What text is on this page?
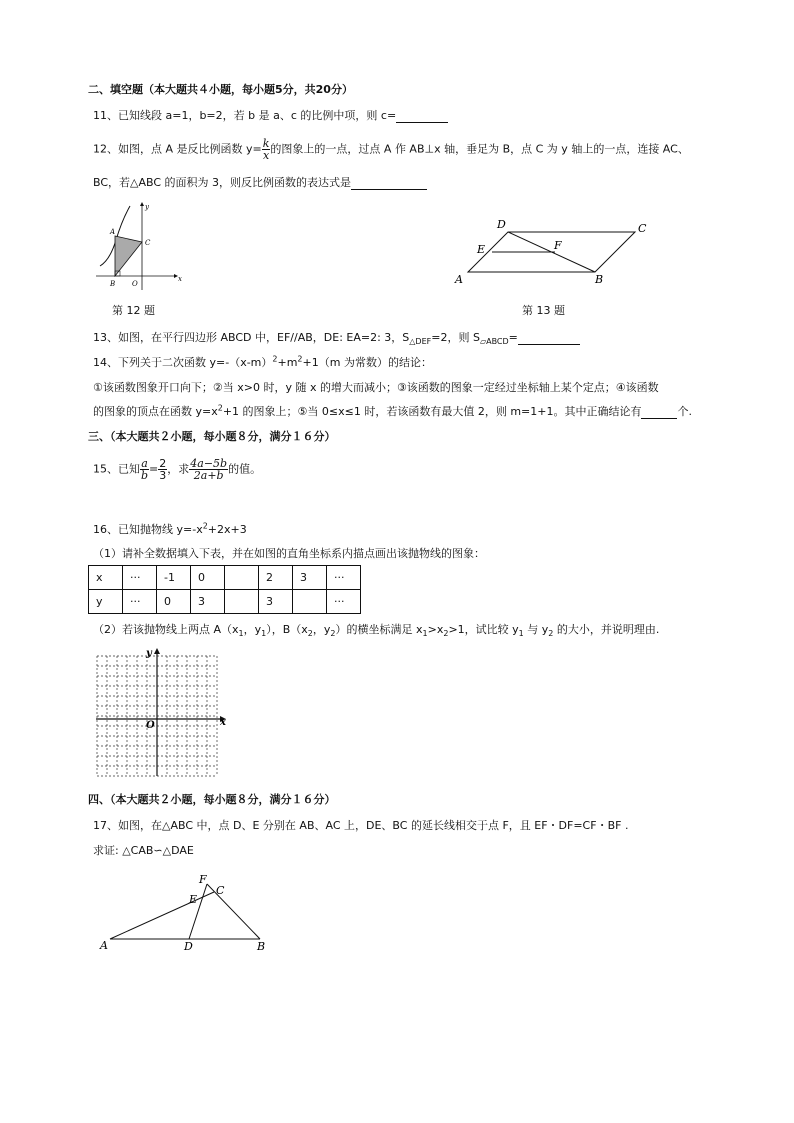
二、填空题（本大题共４小题，每小题5分，共20分）
11、已知线段 a=1，b=2，若 b 是 a、c 的比例中项，则 c=
12、如图，点 A 是反比例函数 $y= \frac{k}{x}$ 的图象上的一点，过点 A 作 AB⊥x 轴，垂足为 B，点 C 为 y 轴上的一点，连接 AC、
BC，若△ABC 的面积为 3，则反比例函数的表达式是
A
B
C
O
x
y
第 12 题
A	B
C
D
E	F
第 13 题
13、如图，在平行四边形 ABCD 中，EF//AB，DE: EA=2: 3，$S_{\triangle DEF}=2$，则 $S_{▱ABCD}=$
14、下列关于二次函数 $y=-(x-m)^2+m^2+1(m$ 为常数）的结论：
①该函数图象开口向下；②当 x>0 时，y 随 x 的增大而减小；③该函数的图象一定经过坐标轴上某个定点；④该函数
的图象的顶点在函数 $y=x^2+1$ 的图象上；⑤当 0≤x≤1 时，若该函数有最大值 2，则 m=1+1。其中正确结论有	个.
三、（本大题共２小题，每小题８分，满分１６分）
15、已知 $\frac{a}{b} = \frac{2}{3}$ ，求 $\frac{4a-5b}{2a+b}$ 的值。
16、已知抛物线 $y=-x^2+2x+3$
（1）请补全数据填入下表，并在如图的直角坐标系内描点画出该抛物线的图象：
x	···	-1	0		2	3	···
y	···	0	3		3		···
（2）若该抛物线上两点 $A(x_1$，$y_1$），$B(x_2$，$y_2$）的横坐标满足 $x_1>x_2>1$，试比较 $y_1$ 与 $y_2$ 的大小，并说明理由.
y
x
O
四、（本大题共２小题，每小题８分，满分１６分）
17、如图，在△ABC 中，点 D、E 分别在 AB、AC 上，DE、BC 的延长线相交于点 F，且 EF・DF=CF・BF .
求证: △CAB∽△DAE
A	B
C
D
E
F
